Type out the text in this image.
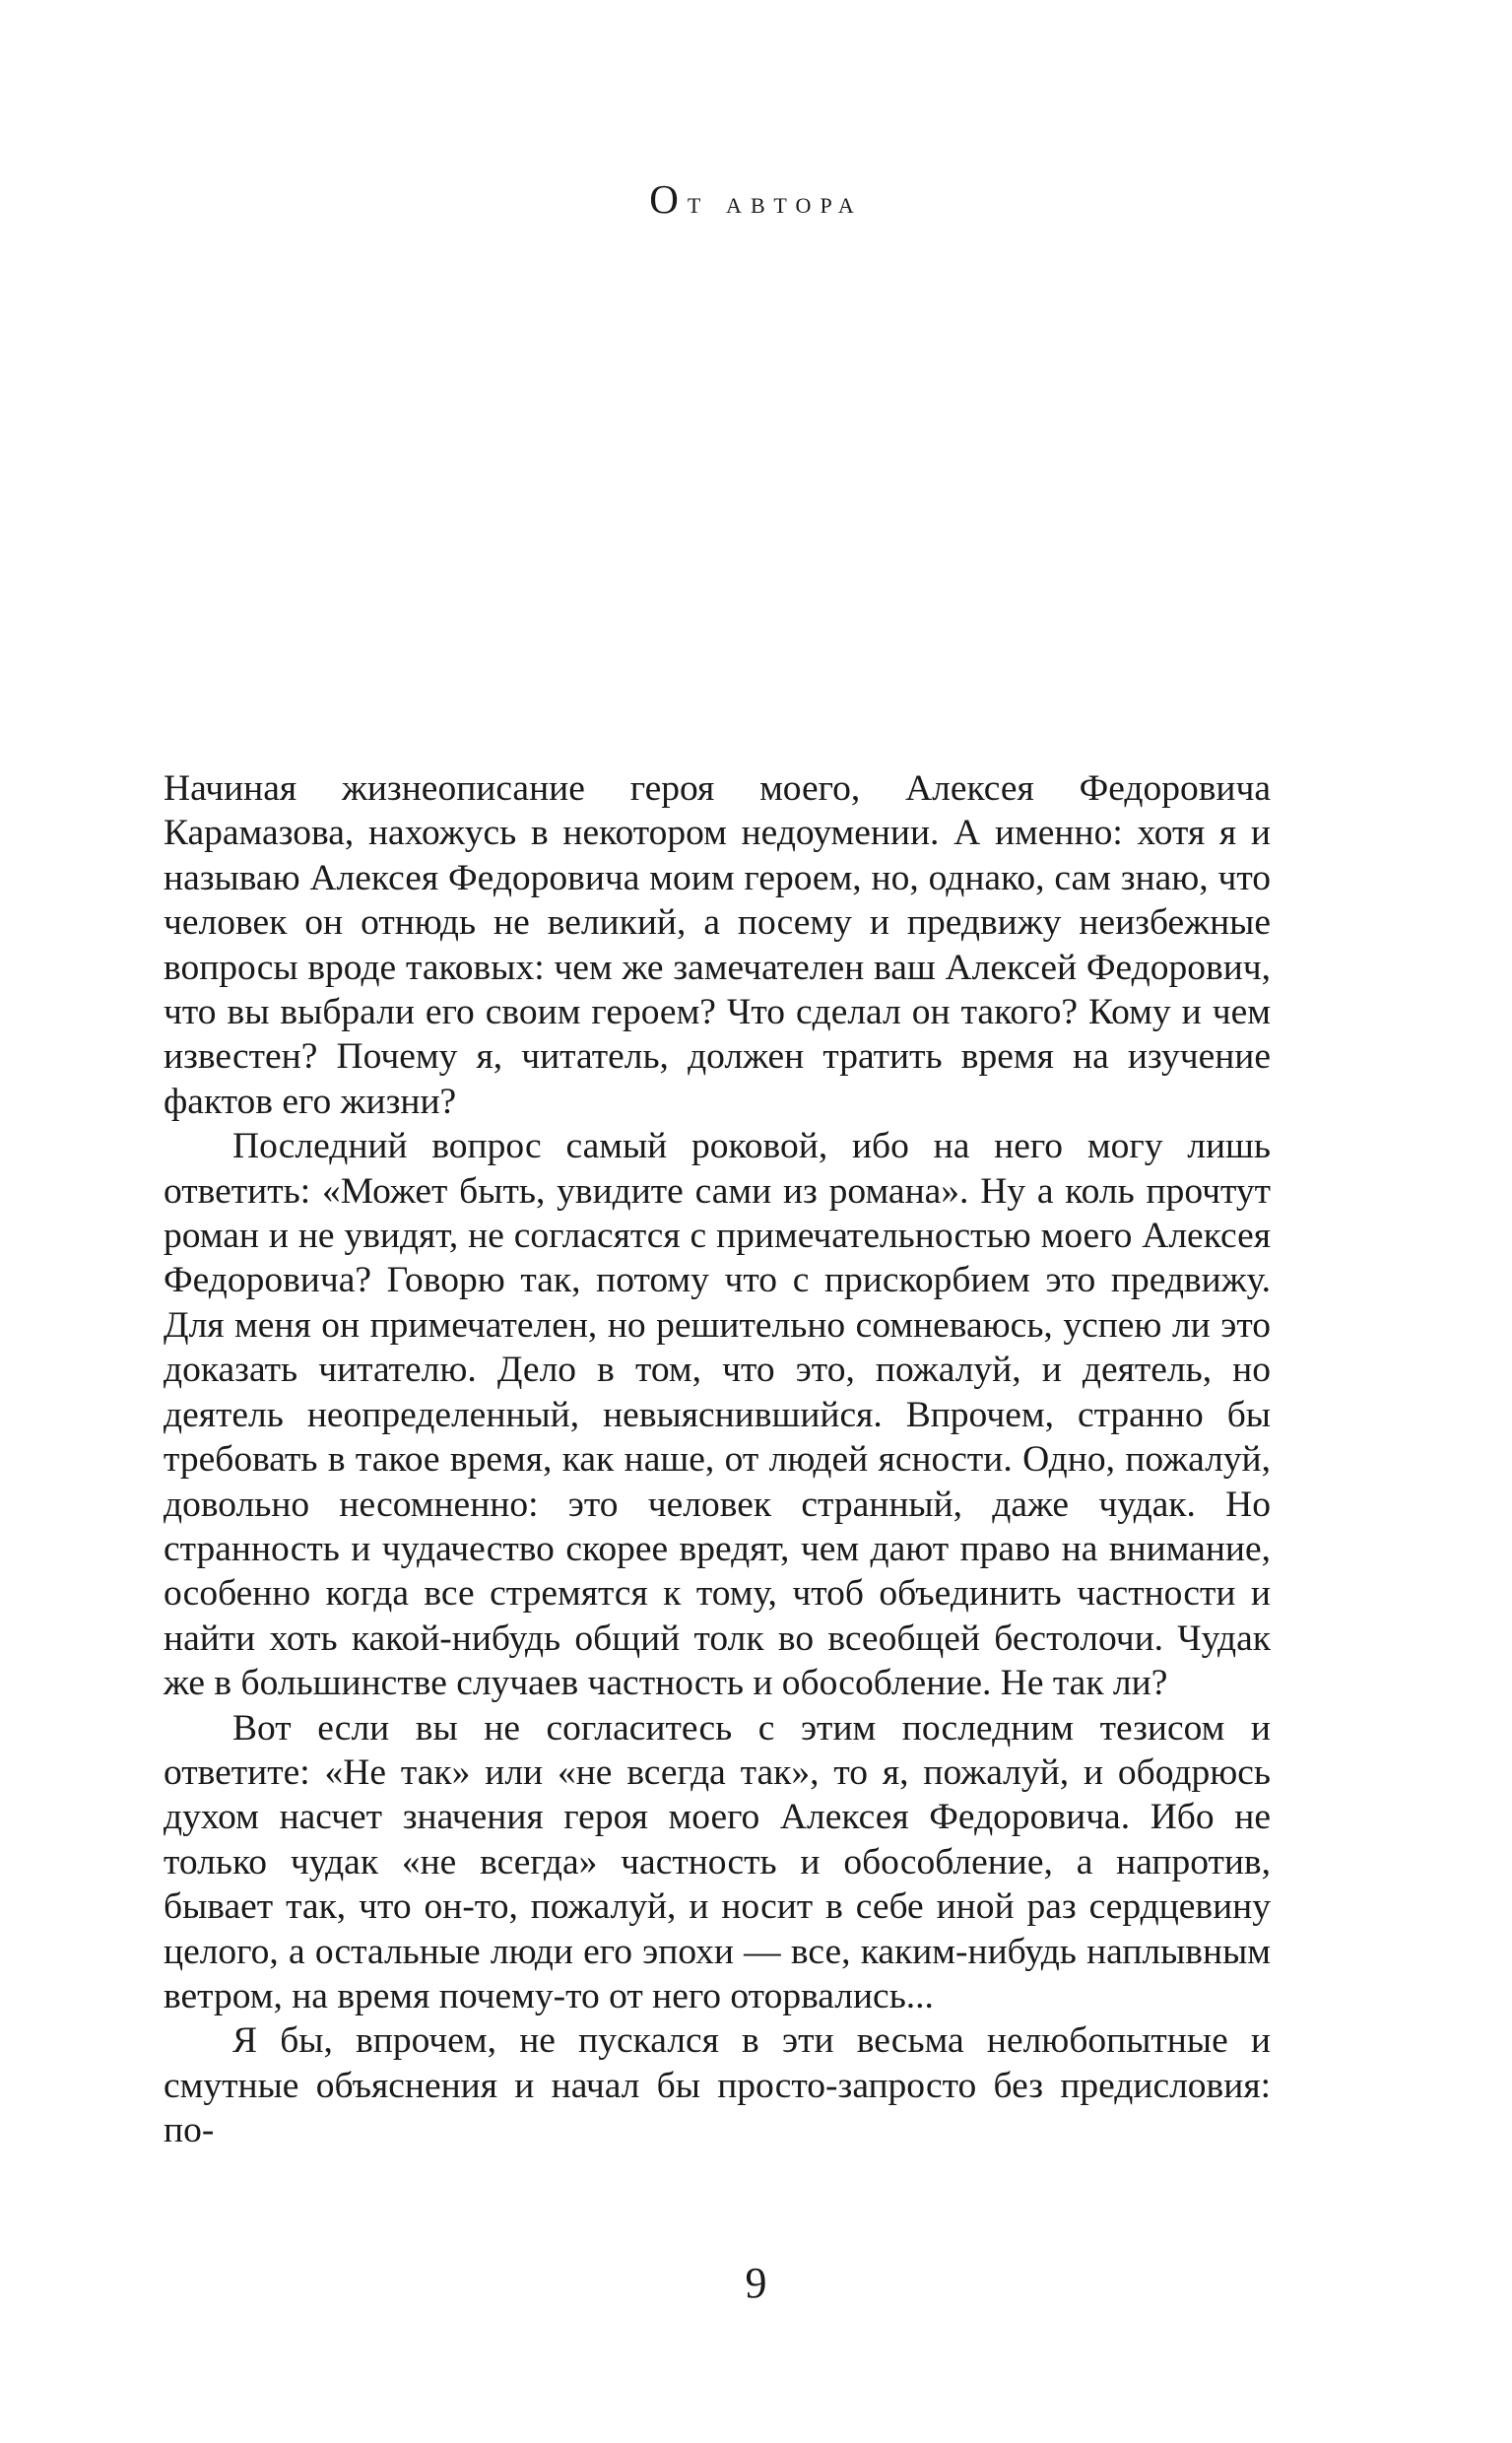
От автора

Начиная жизнеописание героя моего, Алексея Федоровича Карамазова, нахожусь в некотором недоумении. А именно: хотя я и называю Алексея Федоровича моим героем, но, однако, сам знаю, что человек он отнюдь не великий, а посему и предвижу неизбежные вопросы вроде таковых: чем же замечателен ваш Алексей Федорович, что вы выбрали его своим героем? Что сделал он такого? Кому и чем известен? Почему я, читатель, должен тратить время на изучение фактов его жизни?

Последний вопрос самый роковой, ибо на него могу лишь ответить: «Может быть, увидите сами из романа». Ну а коль прочтут роман и не увидят, не согласятся с примечательностью моего Алексея Федоровича? Говорю так, потому что с прискорбием это предвижу. Для меня он примечателен, но решительно сомневаюсь, успею ли это доказать читателю. Дело в том, что это, пожалуй, и деятель, но деятель неопределенный, невыяснившийся. Впрочем, странно бы требовать в такое время, как наше, от людей ясности. Одно, пожалуй, довольно несомненно: это человек странный, даже чудак. Но странность и чудачество скорее вредят, чем дают право на внимание, особенно когда все стремятся к тому, чтоб объединить частности и найти хоть какой-нибудь общий толк во всеобщей бестолочи. Чудак же в большинстве случаев частность и обособление. Не так ли?

Вот если вы не согласитесь с этим последним тезисом и ответите: «Не так» или «не всегда так», то я, пожалуй, и ободрюсь духом насчет значения героя моего Алексея Федоровича. Ибо не только чудак «не всегда» частность и обособление, а напротив, бывает так, что он-то, пожалуй, и носит в себе иной раз сердцевину целого, а остальные люди его эпохи — все, каким-нибудь наплывным ветром, на время почему-то от него оторвались...

Я бы, впрочем, не пускался в эти весьма нелюбопытные и смутные объяснения и начал бы просто-запросто без предисловия: по-

9
